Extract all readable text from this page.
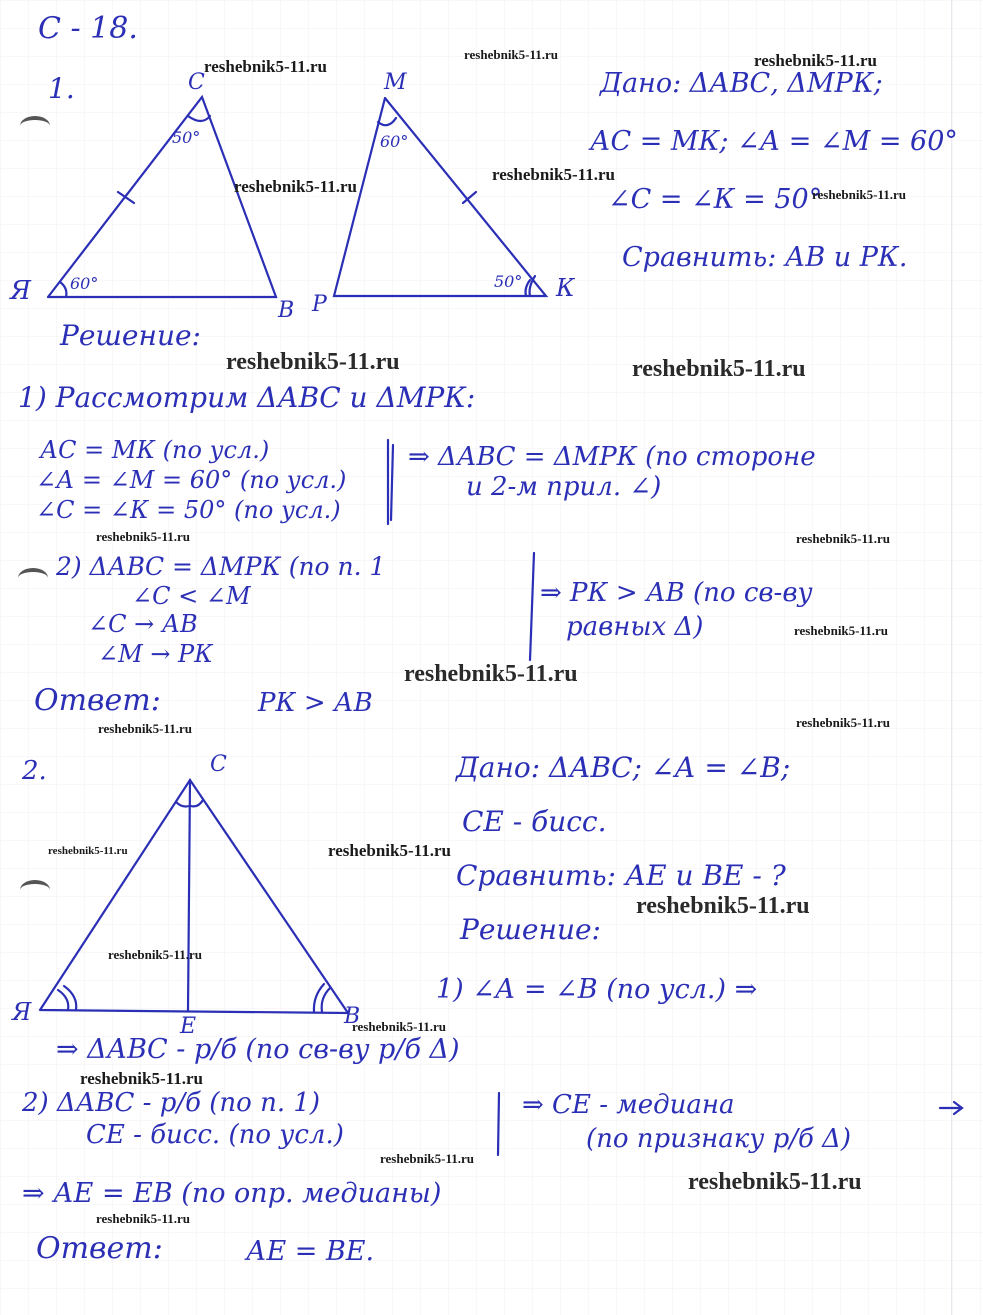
С - 18.
1.	C
Я
B
М
Р
К
50°
60°
60°
50°
Дано: ΔАВС, ΔМРК;
АС = МК; ∠А = ∠М = 60°
∠С = ∠К = 50°
Сравнить: АВ и РК.
Решение:
1) Рассмотрим ΔАВС и ΔМРК:
АС = МК (по усл.)
∠А = ∠М = 60° (по усл.)
∠С = ∠К = 50° (по усл.)
⇒ ΔАВС = ΔМРК (по стороне
и 2-м прил. ∠)
2) ΔАВС = ΔМРК (по п. 1
∠С < ∠М
∠С → АВ
∠М → РК
⇒ РК > АВ (по св-ву
равных Δ)
Ответ:	РК > АВ
2.	С
Я	В
Е
Дано: ΔАВС; ∠А = ∠В;
СЕ - бисс.
Сравнить: АЕ и ВЕ - ?
Решение:
1) ∠А = ∠В (по усл.) ⇒
⇒ ΔАВС - р/б (по св-ву р/б Δ)
2) ΔАВС - р/б (по п. 1)
СЕ - бисс. (по усл.)
⇒ СЕ - медиана
(по признаку р/б Δ)
⇒ АЕ = ЕВ (по опр. медианы)
Ответ:	АЕ = ВЕ.
reshebnik5-11.ru
reshebnik5-11.ru	reshebnik5-11.ru
reshebnik5-11.ru
reshebnik5-11.ru
reshebnik5-11.ru
reshebnik5-11.ru	reshebnik5-11.ru
reshebnik5-11.ru	reshebnik5-11.ru
reshebnik5-11.ru
reshebnik5-11.ru
reshebnik5-11.ru	reshebnik5-11.ru
reshebnik5-11.ru	reshebnik5-11.ru
reshebnik5-11.ru
reshebnik5-11.ru
reshebnik5-11.ru
reshebnik5-11.ru
reshebnik5-11.ru
reshebnik5-11.ru
reshebnik5-11.ru
